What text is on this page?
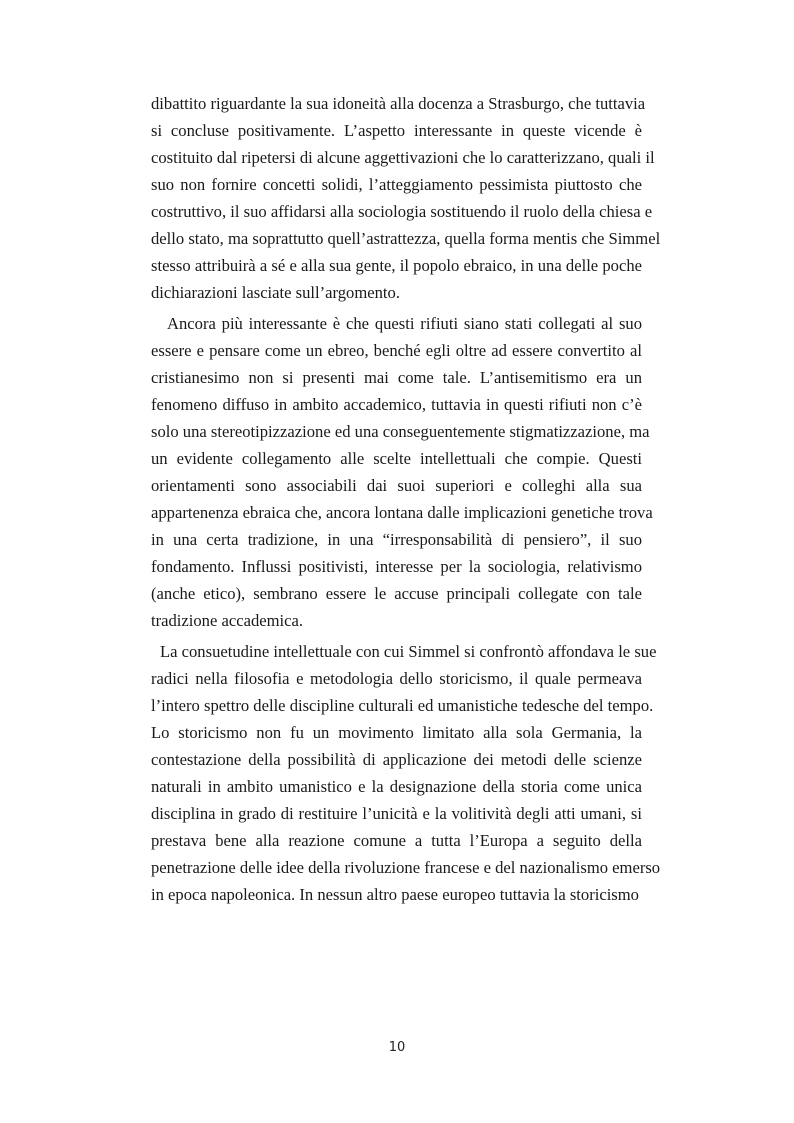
dibattito riguardante la sua idoneità alla docenza a Strasburgo, che tuttavia
si concluse positivamente. L’aspetto interessante in queste vicende è
costituito dal ripetersi di alcune aggettivazioni che lo caratterizzano, quali il
suo non fornire concetti solidi, l’atteggiamento pessimista piuttosto che
costruttivo, il suo affidarsi alla sociologia sostituendo il ruolo della chiesa e
dello stato, ma soprattutto quell’astrattezza, quella forma mentis che Simmel
stesso attribuirà a sé e alla sua gente, il popolo ebraico, in una delle poche
dichiarazioni lasciate sull’argomento.
Ancora più interessante è che questi rifiuti siano stati collegati al suo
essere e pensare come un ebreo, benché egli oltre ad essere convertito al
cristianesimo non si presenti mai come tale. L’antisemitismo era un
fenomeno diffuso in ambito accademico, tuttavia in questi rifiuti non c’è
solo una stereotipizzazione ed una conseguentemente stigmatizzazione, ma
un evidente collegamento alle scelte intellettuali che compie. Questi
orientamenti sono associabili dai suoi superiori e colleghi alla sua
appartenenza ebraica che, ancora lontana dalle implicazioni genetiche trova
in una certa tradizione, in una “irresponsabilità di pensiero”, il suo
fondamento. Influssi positivisti, interesse per la sociologia, relativismo
(anche etico), sembrano essere le accuse principali collegate con tale
tradizione accademica.
La consuetudine intellettuale con cui Simmel si confrontò affondava le sue
radici nella filosofia e metodologia dello storicismo, il quale permeava
l’intero spettro delle discipline culturali ed umanistiche tedesche del tempo.
Lo storicismo non fu un movimento limitato alla sola Germania, la
contestazione della possibilità di applicazione dei metodi delle scienze
naturali in ambito umanistico e la designazione della storia come unica
disciplina in grado di restituire l’unicità e la volitività degli atti umani, si
prestava bene alla reazione comune a tutta l’Europa a seguito della
penetrazione delle idee della rivoluzione francese e del nazionalismo emerso
in epoca napoleonica. In nessun altro paese europeo tuttavia la storicismo
10
